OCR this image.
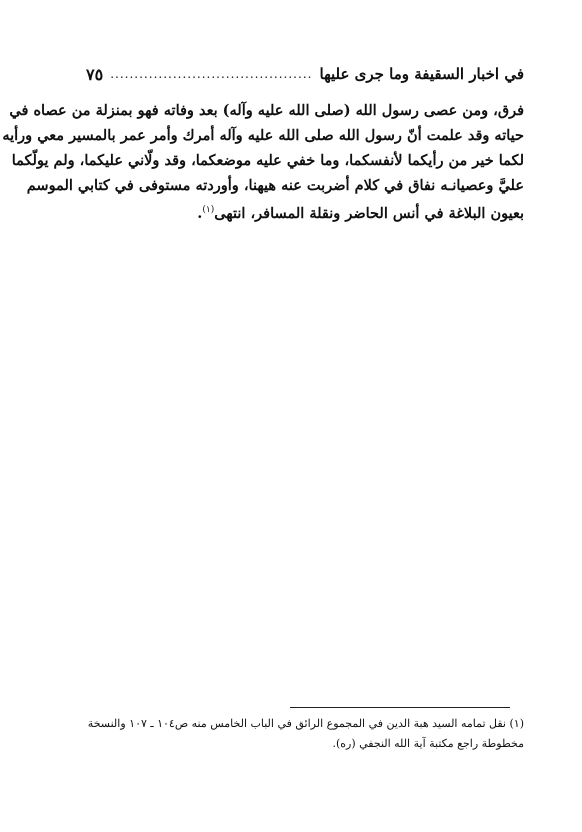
في اخبار السقيفة وما جرى عليها
..........................................
٧٥
فرق، ومن عصى رسول الله (صلى الله عليه وآله) بعد وفاته فهو بمنزلة من عصاه في
حياته وقد علمت أنّ رسول الله صلى الله عليه وآله أمرك وأمر عمر بالمسير معي ورأيه
لكما خير من رأيكما لأنفسكما، وما خفي عليه موضعكما، وقد ولّاني عليكما، ولم يولّكما
عليَّ وعصيانـه نفاق في كلام أضربت عنه هيهنا، وأوردته مستوفى في كتابي الموسم
بعيون البلاغة في أنس الحاضر ونقلة المسافر، انتهى$^{(١)}$.
(١) نقل تمامه السيد هبة الدين في المجموع الرائق في الباب الخامس منه ص١٠٤ ـ ١٠٧ والنسخة
مخطوطة راجع مكتبة آية الله النجفي (ره).
